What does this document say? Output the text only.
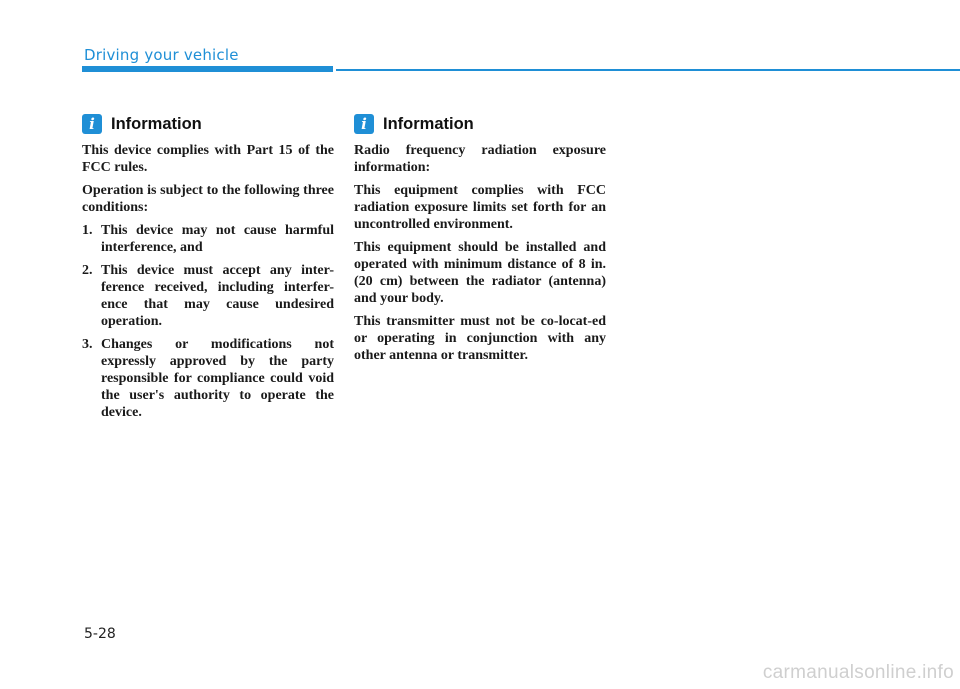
Driving your vehicle
i Information

This device complies with Part 15 of the FCC rules.

Operation is subject to the following three conditions:

1. This device may not cause harmful interference, and
2. This device must accept any inter-ference received, including interfer-ence that may cause undesired operation.
3. Changes or modifications not expressly approved by the party responsible for compliance could void the user's authority to operate the device.
i Information

Radio frequency radiation exposure information:

This equipment complies with FCC radiation exposure limits set forth for an uncontrolled environment.

This equipment should be installed and operated with minimum distance of 8 in. (20 cm) between the radiator (antenna) and your body.

This transmitter must not be co-locat-ed or operating in conjunction with any other antenna or transmitter.

5-28
carmanualsonline.info
